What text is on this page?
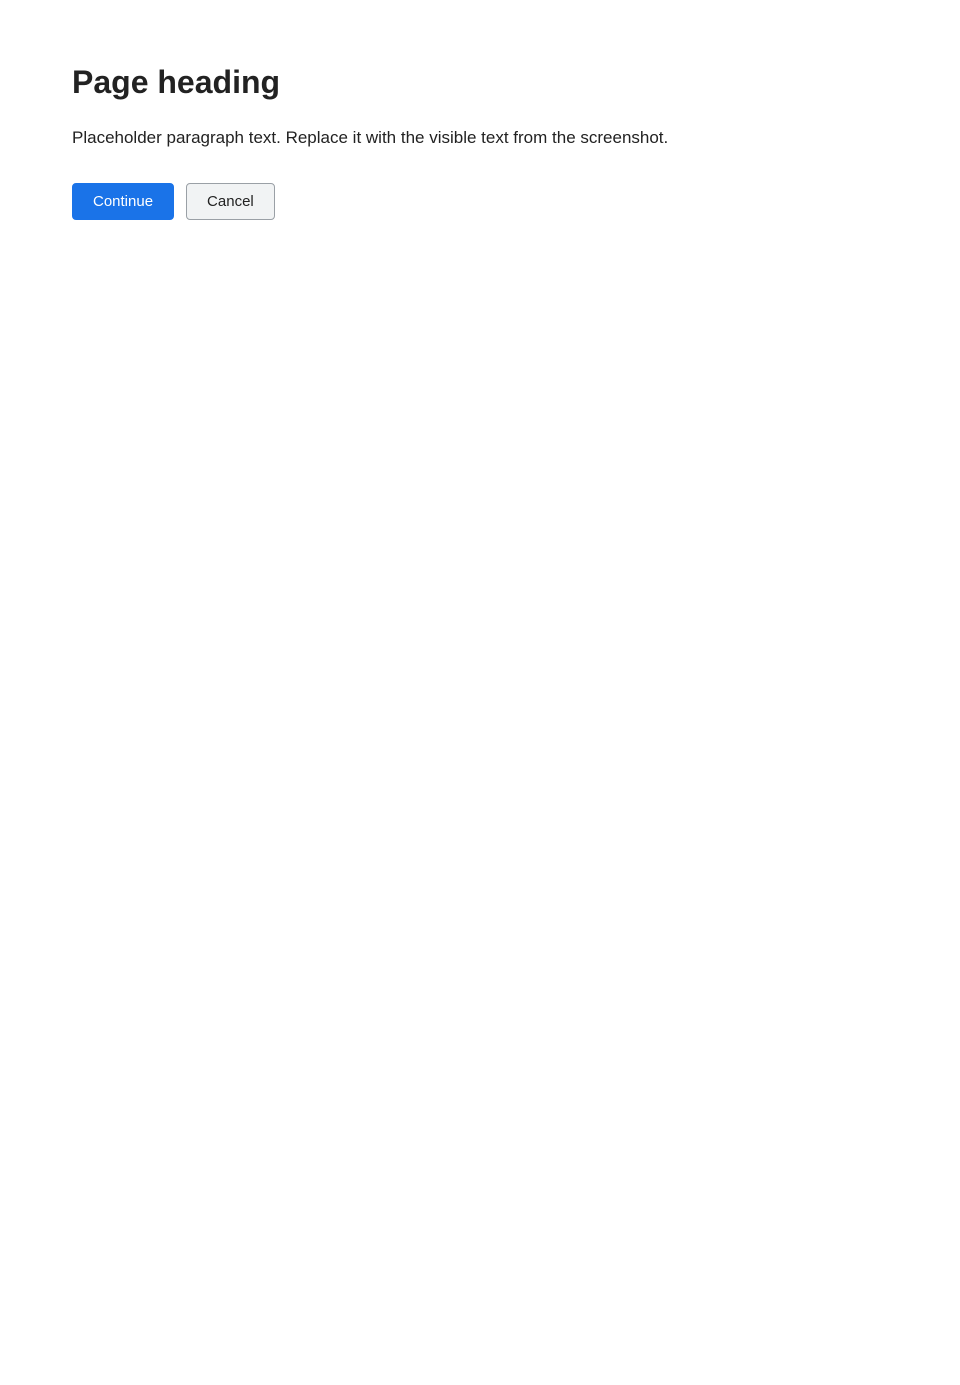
Page heading

Placeholder paragraph text. Replace it with the visible text from the screenshot.

Continue	Cancel
